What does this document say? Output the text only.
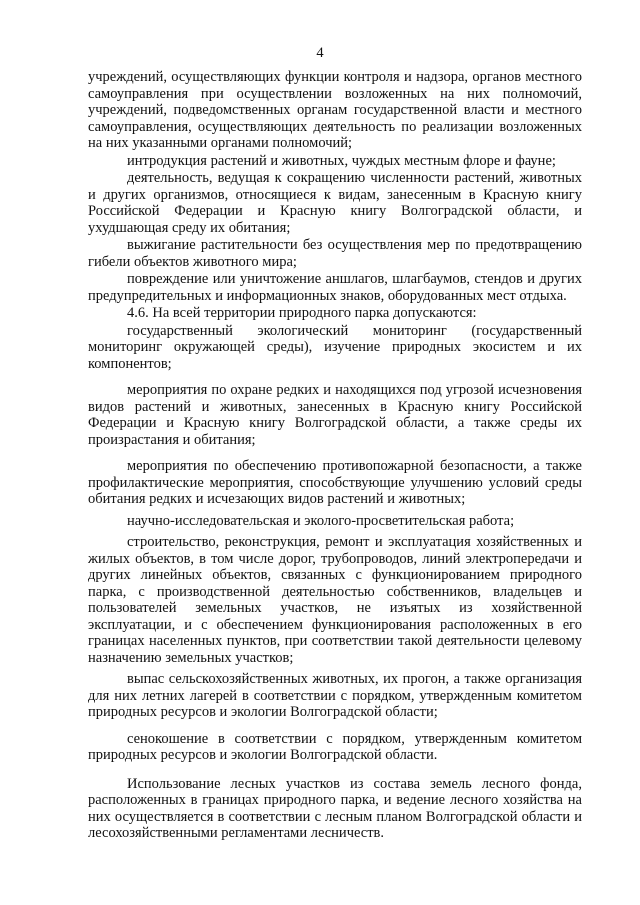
4

учреждений, осуществляющих функции контроля и надзора, органов местного самоуправления при осуществлении возложенных на них полномочий, учреждений, подведомственных органам государственной власти и местного самоуправления, осуществляющих деятельность по реализации возложенных на них указанными органами полномочий;

интродукция растений и животных, чуждых местным флоре и фауне;

деятельность, ведущая к сокращению численности растений, животных и других организмов, относящиеся к видам, занесенным в Красную книгу Российской Федерации и Красную книгу Волгоградской области, и ухудшающая среду их обитания;

выжигание растительности без осуществления мер по предотвращению гибели объектов животного мира;

повреждение или уничтожение аншлагов, шлагбаумов, стендов и других предупредительных и информационных знаков, оборудованных мест отдыха.

4.6. На всей территории природного парка допускаются:

государственный экологический мониторинг (государственный мониторинг окружающей среды), изучение природных экосистем и их компонентов;

мероприятия по охране редких и находящихся под угрозой исчезновения видов растений и животных, занесенных в Красную книгу Российской Федерации и Красную книгу Волгоградской области, а также среды их произрастания и обитания;

мероприятия по обеспечению противопожарной безопасности, а также профилактические мероприятия, способствующие улучшению условий среды обитания редких и исчезающих видов растений и животных;

научно-исследовательская и эколого-просветительская работа;

строительство, реконструкция, ремонт и эксплуатация хозяйственных и жилых объектов, в том числе дорог, трубопроводов, линий электропередачи и других линейных объектов, связанных с функционированием природного парка, с производственной деятельностью собственников, владельцев и пользователей земельных участков, не изъятых из хозяйственной эксплуатации, и с обеспечением функционирования расположенных в его границах населенных пунктов, при соответствии такой деятельности целевому назначению земельных участков;

выпас сельскохозяйственных животных, их прогон, а также организация для них летних лагерей в соответствии с порядком, утвержденным комитетом природных ресурсов и экологии Волгоградской области;

сенокошение в соответствии с порядком, утвержденным комитетом природных ресурсов и экологии Волгоградской области.

Использование лесных участков из состава земель лесного фонда, расположенных в границах природного парка, и ведение лесного хозяйства на них осуществляется в соответствии с лесным планом Волгоградской области и лесохозяйственными регламентами лесничеств.
